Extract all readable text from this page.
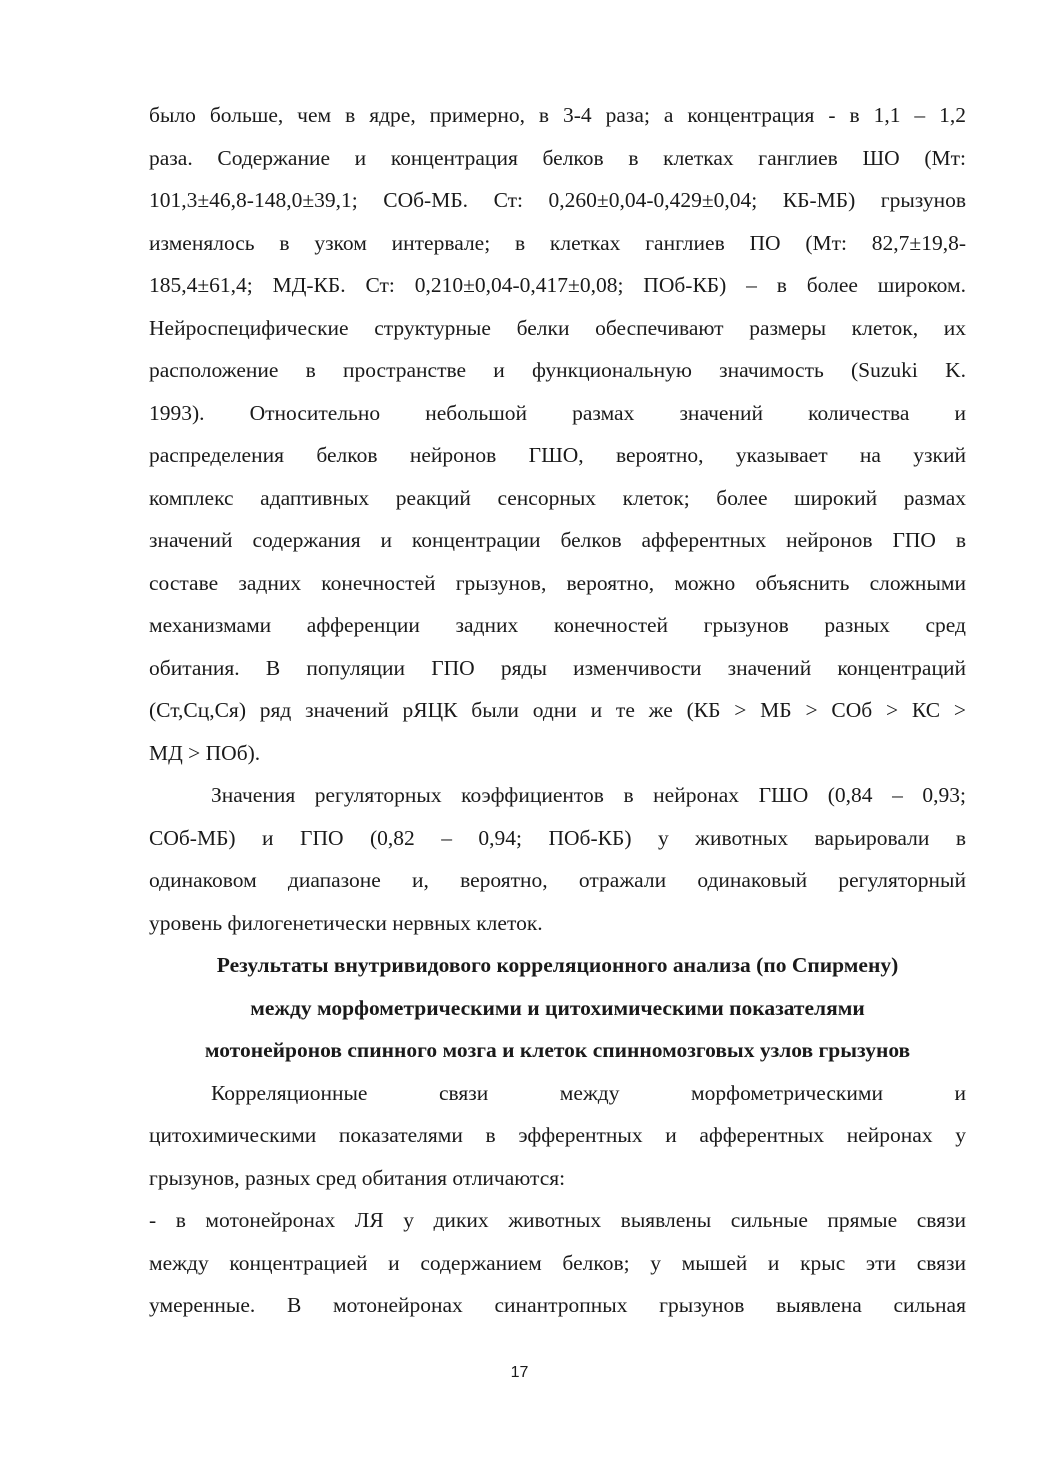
было больше, чем в ядре, примерно, в 3-4 раза; а концентрация - в 1,1 – 1,2
раза. Содержание и концентрация белков в клетках ганглиев ШО (Мт:
101,3±46,8-148,0±39,1; СОб-МБ. Ст: 0,260±0,04-0,429±0,04; КБ-МБ) грызунов
изменялось в узком интервале; в клетках ганглиев ПО (Мт: 82,7±19,8-
185,4±61,4; МД-КБ. Ст: 0,210±0,04-0,417±0,08; ПОб-КБ) – в более широком.
Нейроспецифические структурные белки обеспечивают размеры клеток, их
расположение в пространстве и функциональную значимость (Suzuki K.
1993). Относительно небольшой размах значений количества и
распределения белков нейронов ГШО, вероятно, указывает на узкий
комплекс адаптивных реакций сенсорных клеток; более широкий размах
значений содержания и концентрации белков афферентных нейронов ГПО в
составе задних конечностей грызунов, вероятно, можно объяснить сложными
механизмами афференции задних конечностей грызунов разных сред
обитания. В популяции ГПО ряды изменчивости значений концентраций
(Ст,Сц,Ся) ряд значений рЯЦК были одни и те же (КБ > МБ > СОб > КС >
МД > ПОб).
Значения регуляторных коэффициентов в нейронах ГШО (0,84 – 0,93;
СОб-МБ) и ГПО (0,82 – 0,94; ПОб-КБ) у животных варьировали в
одинаковом диапазоне и, вероятно, отражали одинаковый регуляторный
уровень филогенетически нервных клеток.
Результаты внутривидового корреляционного анализа (по Спирмену)
между морфометрическими и цитохимическими показателями
мотонейронов спинного мозга и клеток спинномозговых узлов грызунов
Корреляционные связи между морфометрическими и
цитохимическими показателями в эфферентных и афферентных нейронах у
грызунов, разных сред обитания отличаются:
- в мотонейронах ЛЯ у диких животных выявлены сильные прямые связи
между концентрацией и содержанием белков; у мышей и крыс эти связи
умеренные. В мотонейронах синантропных грызунов выявлена сильная
17
